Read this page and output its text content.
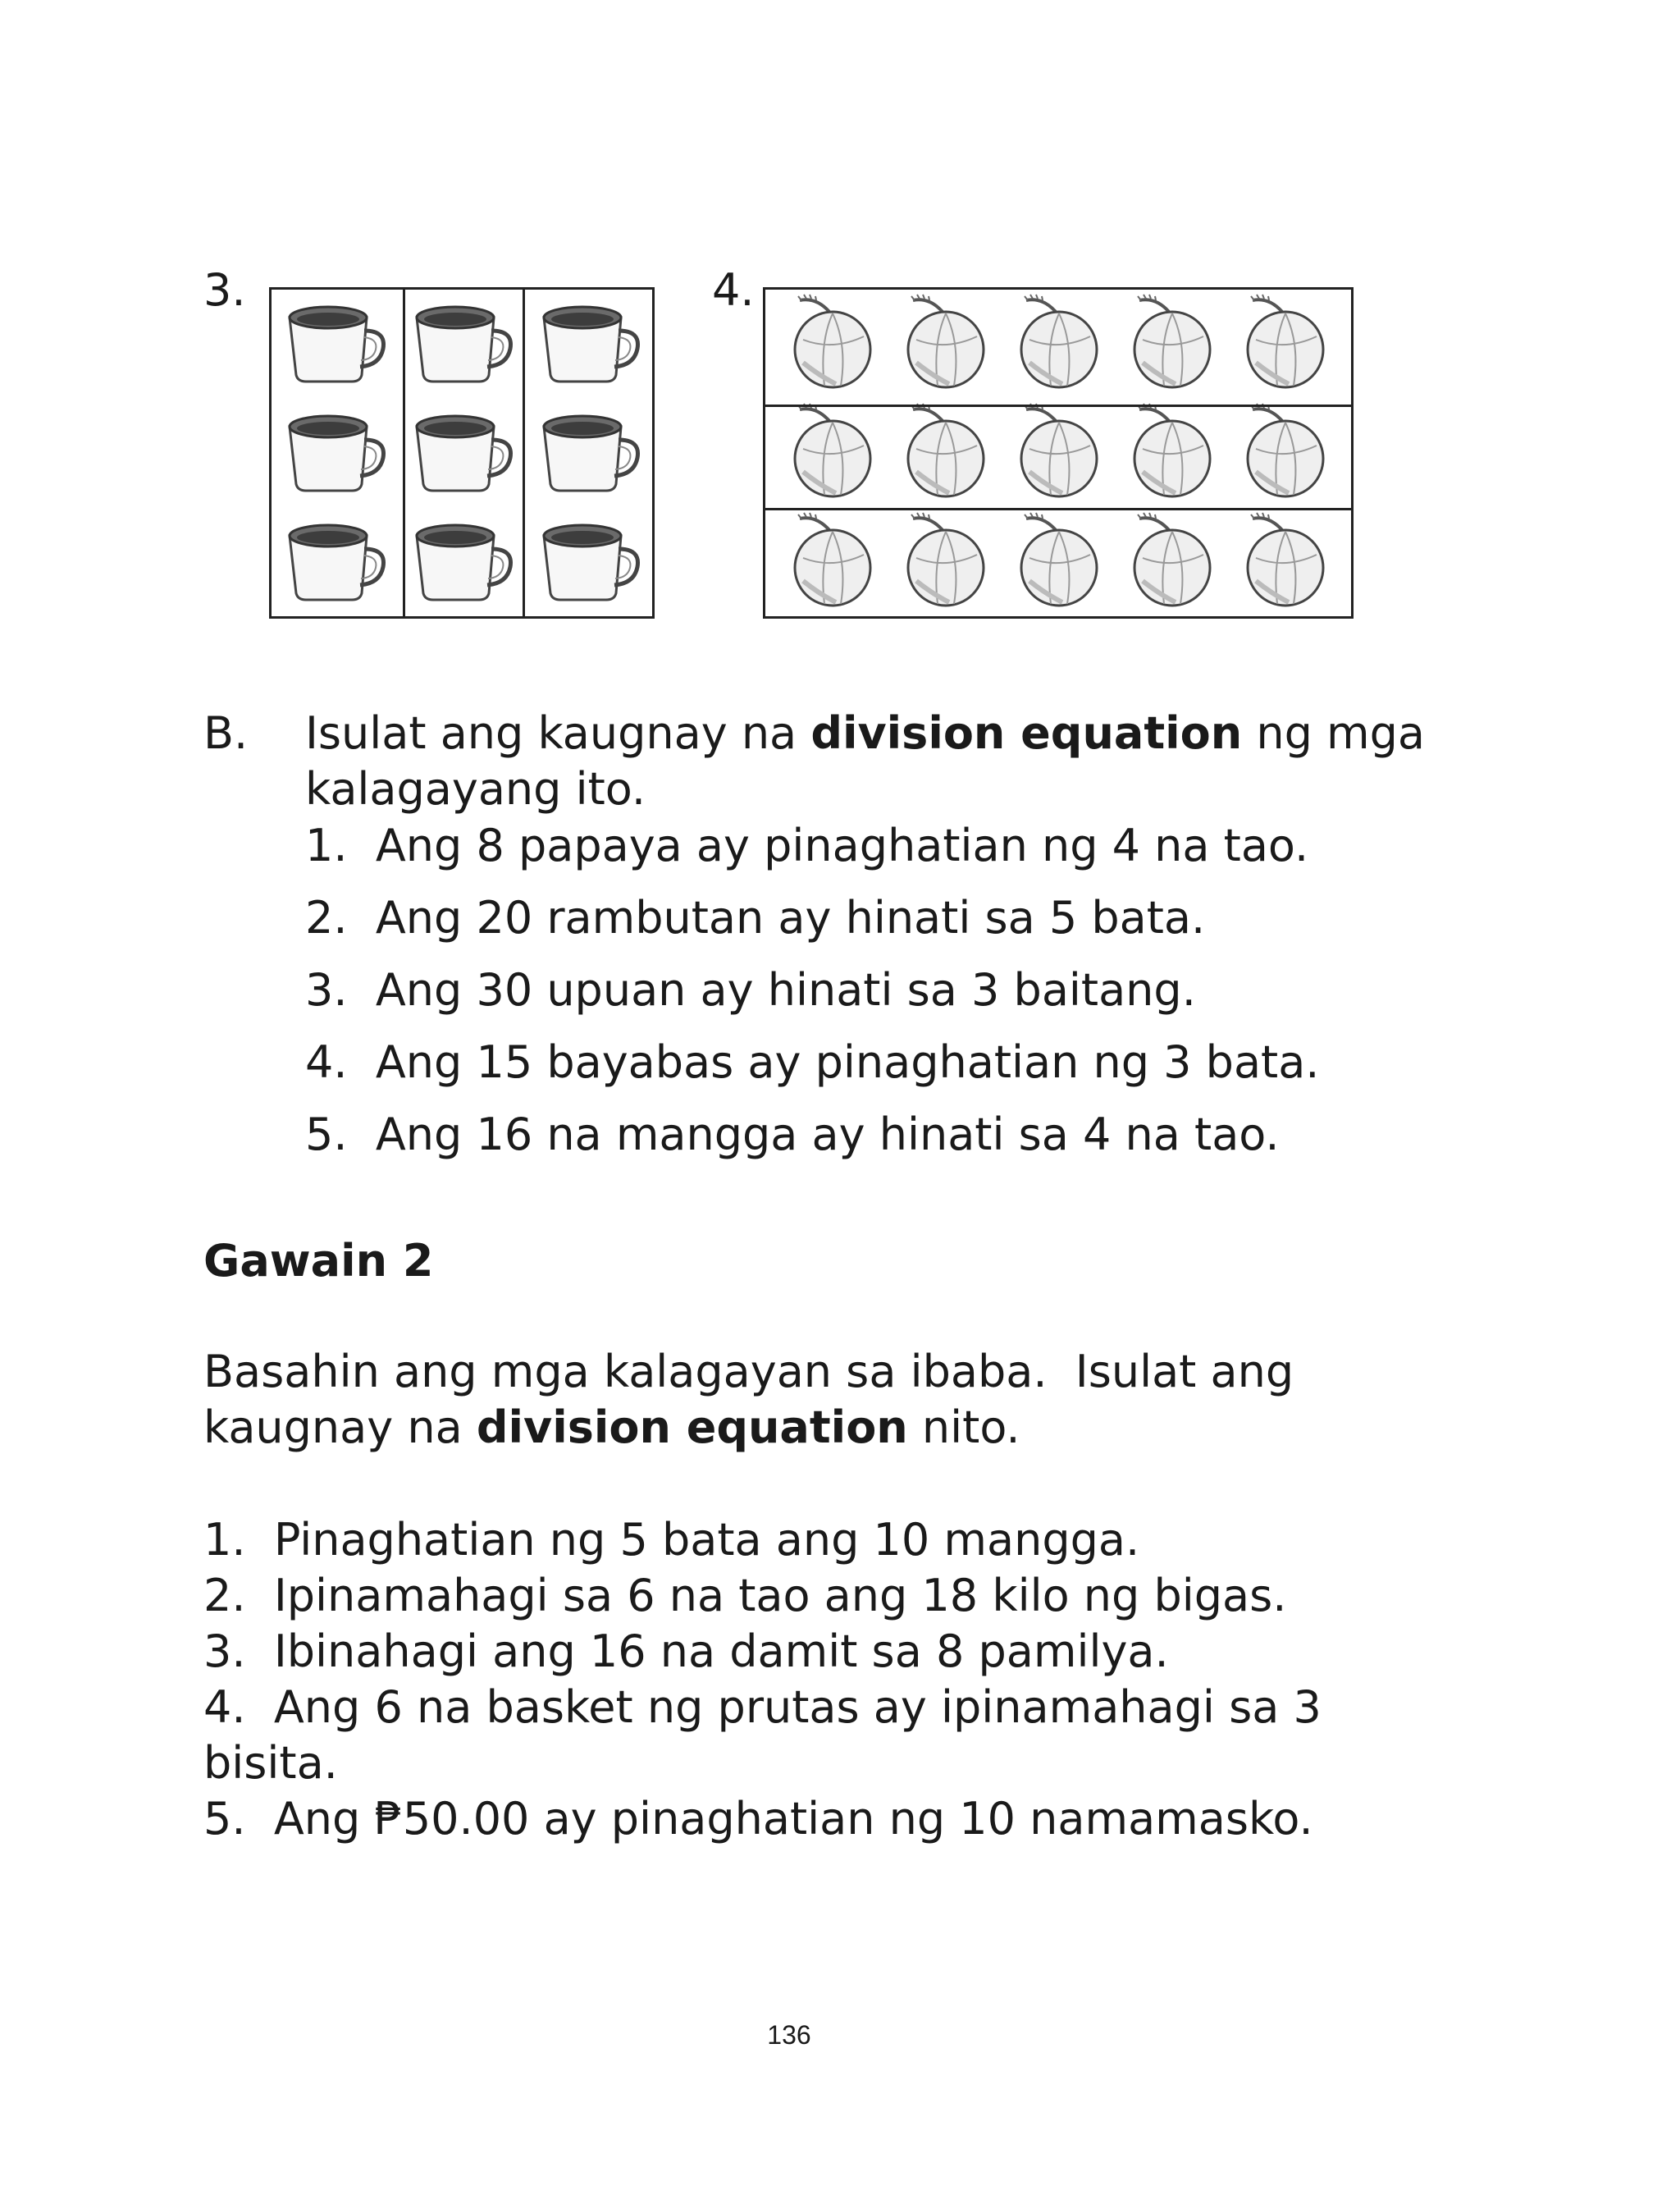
3.	4.
B. Isulat ang kaugnay na division equation ng mga
kalagayang ito.
1.  Ang 8 papaya ay pinaghatian ng 4 na tao.
2.  Ang 20 rambutan ay hinati sa 5 bata.
3.  Ang 30 upuan ay hinati sa 3 baitang.
4.  Ang 15 bayabas ay pinaghatian ng 3 bata.
5.  Ang 16 na mangga ay hinati sa 4 na tao.
Gawain 2
Basahin ang mga kalagayan sa ibaba.  Isulat ang
kaugnay na division equation nito.
1.  Pinaghatian ng 5 bata ang 10 mangga.
2.  Ipinamahagi sa 6 na tao ang 18 kilo ng bigas.
3.  Ibinahagi ang 16 na damit sa 8 pamilya.
4.  Ang 6 na basket ng prutas ay ipinamahagi sa 3
bisita.
5.  Ang ₱50.00 ay pinaghatian ng 10 namamasko.
136
